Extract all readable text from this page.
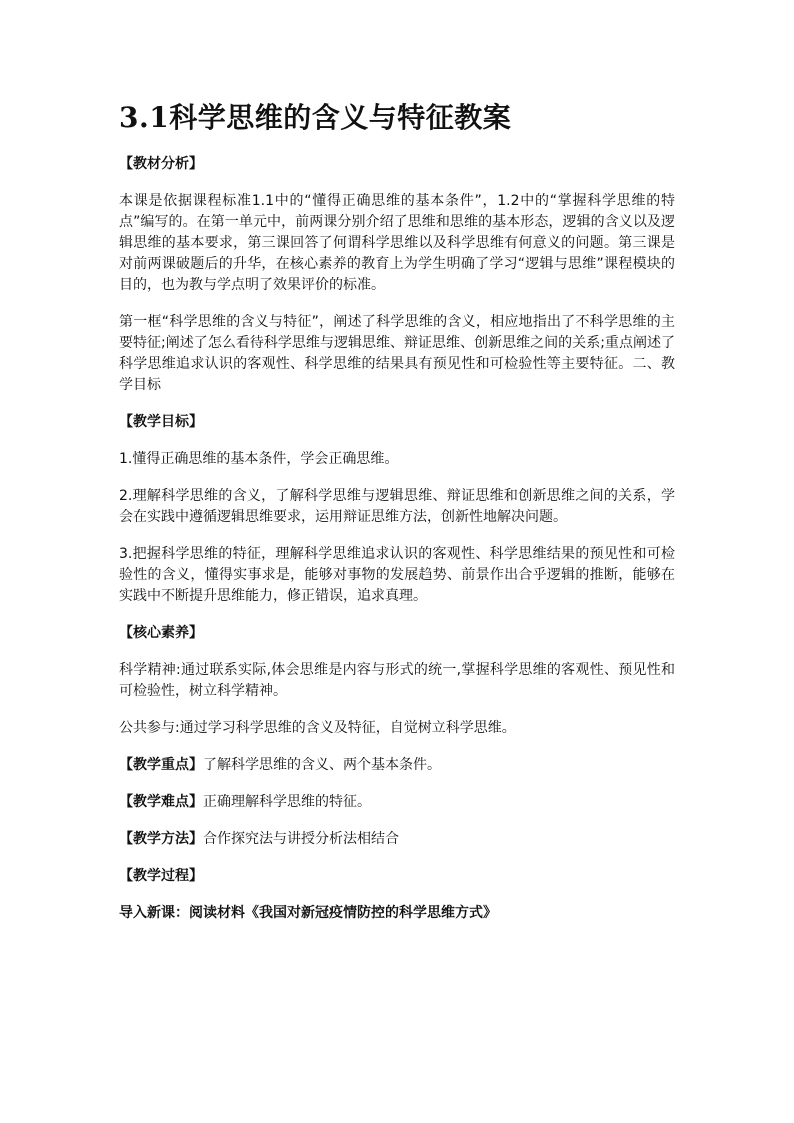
3.1科学思维的含义与特征教案
【教材分析】

本课是依据课程标准1.1中的“懂得正确思维的基本条件”，1.2中的“掌握科学思维的特点”编写的。在第一单元中，前两课分别介绍了思维和思维的基本形态，逻辑的含义以及逻辑思维的基本要求，第三课回答了何谓科学思维以及科学思维有何意义的问题。第三课是对前两课破题后的升华，在核心素养的教育上为学生明确了学习“逻辑与思维”课程模块的目的，也为教与学点明了效果评价的标准。

第一框“科学思维的含义与特征”，阐述了科学思维的含义，相应地指出了不科学思维的主要特征;阐述了怎么看待科学思维与逻辑思维、辩证思维、创新思维之间的关系;重点阐述了科学思维追求认识的客观性、科学思维的结果具有预见性和可检验性等主要特征。二、教学目标

【教学目标】

1.懂得正确思维的基本条件，学会正确思维。

2.理解科学思维的含义，了解科学思维与逻辑思维、辩证思维和创新思维之间的关系，学会在实践中遵循逻辑思维要求，运用辩证思维方法，创新性地解决问题。

3.把握科学思维的特征，理解科学思维追求认识的客观性、科学思维结果的预见性和可检验性的含义，懂得实事求是，能够对事物的发展趋势、前景作出合乎逻辑的推断，能够在实践中不断提升思维能力，修正错误，追求真理。

【核心素养】

科学精神:通过联系实际,体会思维是内容与形式的统一,掌握科学思维的客观性、预见性和可检验性，树立科学精神。

公共参与:通过学习科学思维的含义及特征，自觉树立科学思维。

【教学重点】了解科学思维的含义、两个基本条件。

【教学难点】正确理解科学思维的特征。

【教学方法】合作探究法与讲授分析法相结合

【教学过程】

导入新课：阅读材料《我国对新冠疫情防控的科学思维方式》
